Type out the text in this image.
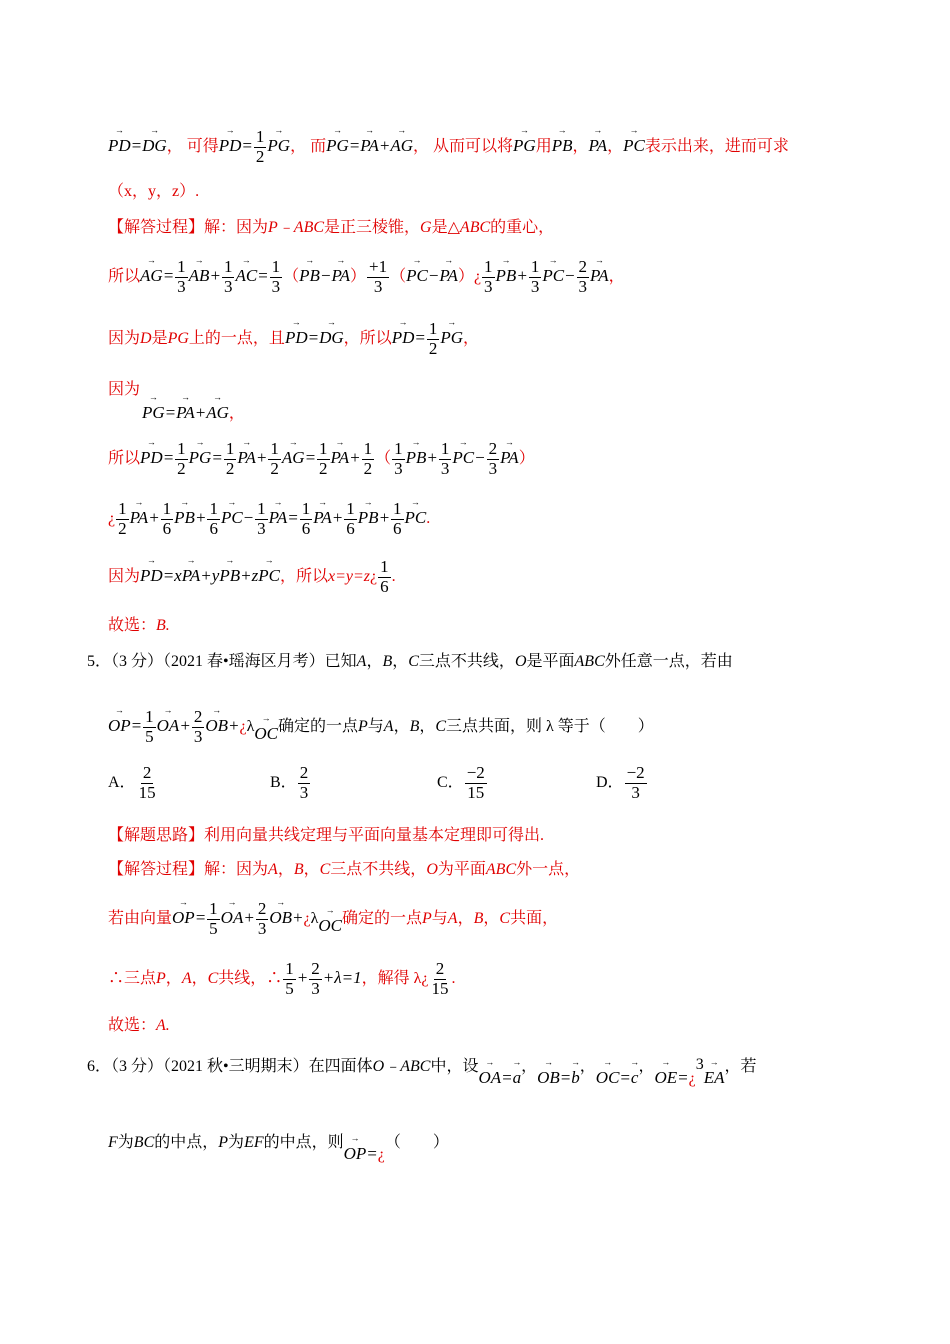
→ PD=→ DG， 可得→ $PD= \frac{1}{2}$
→ PG， 而→ PG=→ PA+→ AG， 从而可以将→ PG用→ PB，→ PA，→ PC表示出来，进而可求
（x，y，z）.
【解答过程】解：因为P﹣ABC是正三棱锥，G是△ABC的重心，
所以→ $AG= \frac{1}{3}$
→ $AB+ \frac{1}{3}$
→ $AC= \frac{1}{3}$ （→ $PB-\to PA) \frac{+1}{3}$ （→ PC−→ PA）¿ $\frac{1}{3}$
→ $PB+ \frac{1}{3}$
→ $PC- \frac{2}{3}$
→ PA，
因为D是PG上的一点，且→ PD=→ DG，所以→ $PD= \frac{1}{2}$
→ PG，
因为
→ PG=→ PA+→ AG，
所以→ $PD= \frac{1}{2}$
→ $PG= \frac{1}{2}$
→ $PA+ \frac{1}{2}$
→ $AG= \frac{1}{2}$
→ $PA+ \frac{1}{2}$ （ $\frac{1}{3}$
→ $PB+ \frac{1}{3}$
→ $PC- \frac{2}{3}$
→ PA）
¿ $\frac{1}{2}$
→ $PA+ \frac{1}{6}$
→ $PB+ \frac{1}{6}$
→ $PC- \frac{1}{3}$
→ $PA= \frac{1}{6}$
→ $PA+ \frac{1}{6}$
→ $PB+ \frac{1}{6}$
→ PC.
因为→ PD=x→ PA+y→ PB+z→ PC，所以x=y=z¿ $\frac{1}{6}$ .
故选：B.
5．（3 分）（2021 春•瑶海区月考）已知A，B，C三点不共线，O是平面ABC外任意一点，若由
→ $OP= \frac{1}{5}$
→ $OA+ \frac{2}{3}$
→ OB+¿λ→ OC确定的一点P与A，B，C三点共面，则 λ 等于（　　）
A． $\frac{2}{15}$	B． $\frac{2}{3}$	C． $\frac{-2}{15}$	D． $\frac{-2}{3}$
【解题思路】利用向量共线定理与平面向量基本定理即可得出.
【解答过程】解：因为A，B，C三点不共线，O为平面ABC外一点，
若由向量→ $OP= \frac{1}{5}$
→ $OA+ \frac{2}{3}$
→ OB+¿λ→ OC确定的一点P与A，B，C共面，
∴三点P，A，C共线，∴ $\frac{1}{5} + \frac{2}{3} +\lambda=1$，解得 λ¿ $\frac{2}{15}$ .
故选：A.
6．（3 分）（2021 秋•三明期末）在四面体O﹣ABC中，设→ OA=→ a，→ OB=→ b，→ OC=→ c，→ OE=¿3→ EA，若
F为BC的中点，P为EF的中点，则→ OP=¿（　　）
